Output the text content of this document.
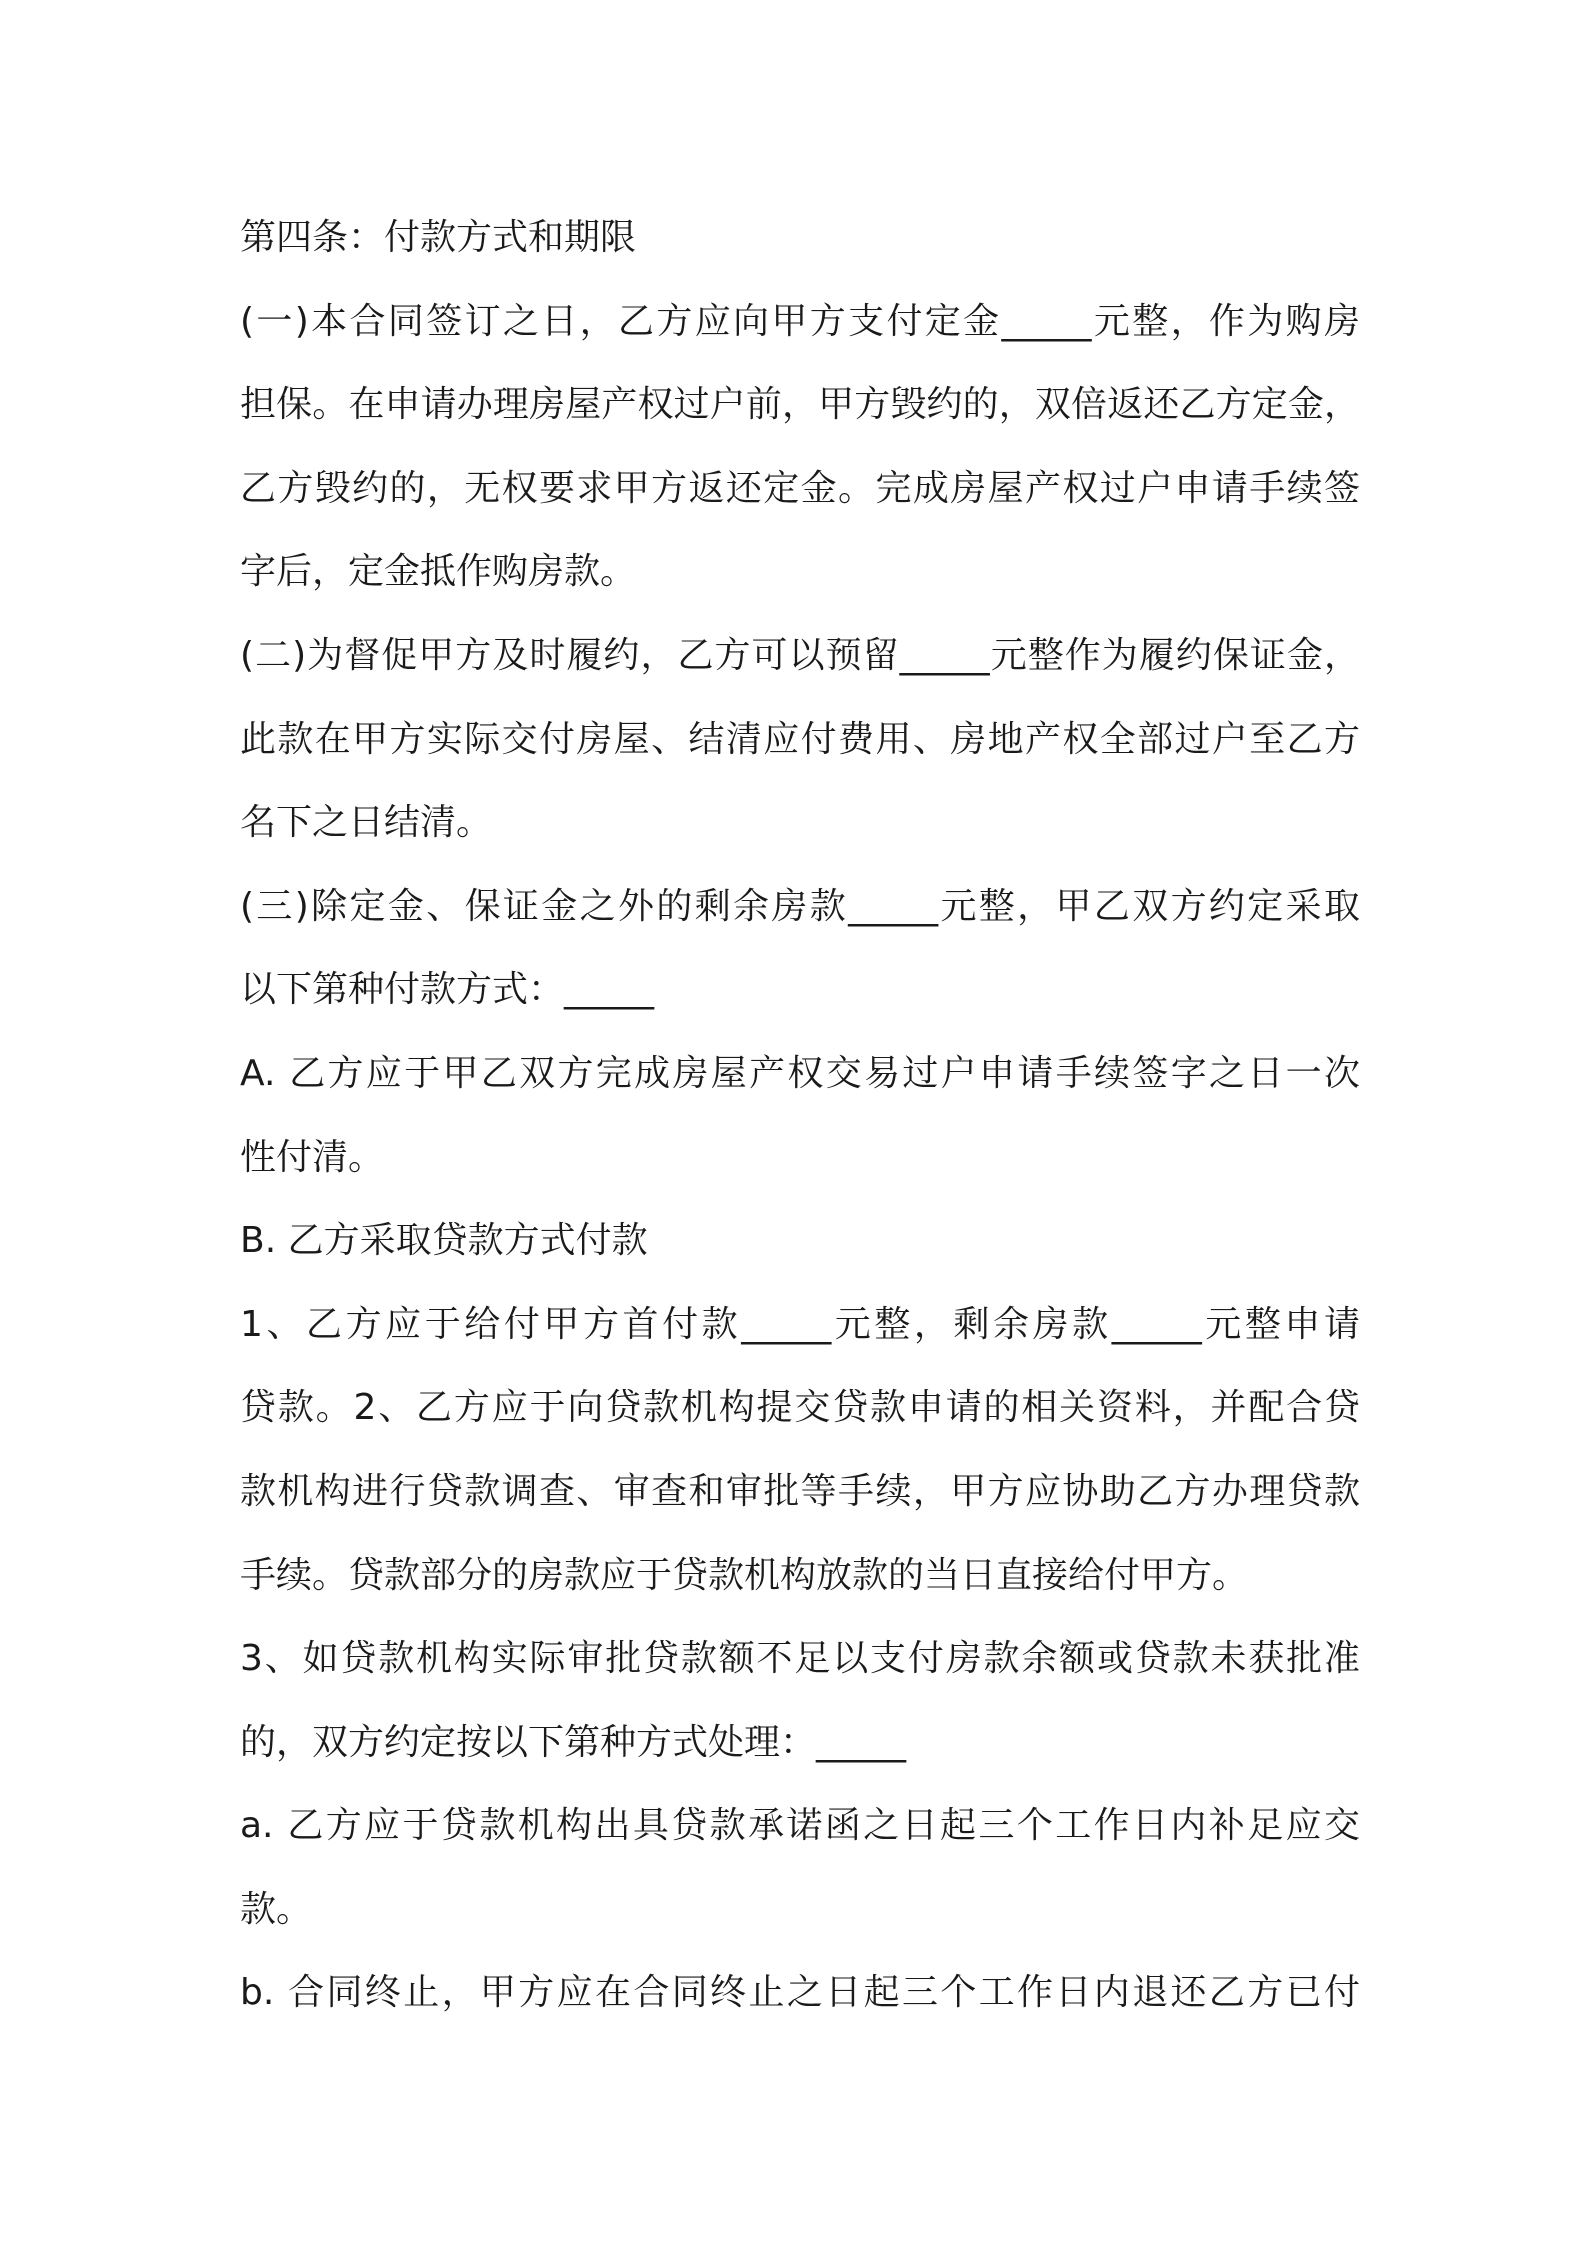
第四条：付款方式和期限
(一)本合同签订之日，乙方应向甲方支付定金_____元整，作为购房
担保。在申请办理房屋产权过户前，甲方毁约的，双倍返还乙方定金，
乙方毁约的，无权要求甲方返还定金。完成房屋产权过户申请手续签
字后，定金抵作购房款。
(二)为督促甲方及时履约，乙方可以预留_____元整作为履约保证金，
此款在甲方实际交付房屋、结清应付费用、房地产权全部过户至乙方
名下之日结清。
(三)除定金、保证金之外的剩余房款_____元整，甲乙双方约定采取
以下第种付款方式：_____
A. 乙方应于甲乙双方完成房屋产权交易过户申请手续签字之日一次
性付清。
B. 乙方采取贷款方式付款
1、乙方应于给付甲方首付款_____元整，剩余房款_____元整申请
贷款。2、乙方应于向贷款机构提交贷款申请的相关资料，并配合贷
款机构进行贷款调查、审查和审批等手续，甲方应协助乙方办理贷款
手续。贷款部分的房款应于贷款机构放款的当日直接给付甲方。
3、如贷款机构实际审批贷款额不足以支付房款余额或贷款未获批准
的，双方约定按以下第种方式处理：_____
a. 乙方应于贷款机构出具贷款承诺函之日起三个工作日内补足应交
款。
b. 合同终止，甲方应在合同终止之日起三个工作日内退还乙方已付
